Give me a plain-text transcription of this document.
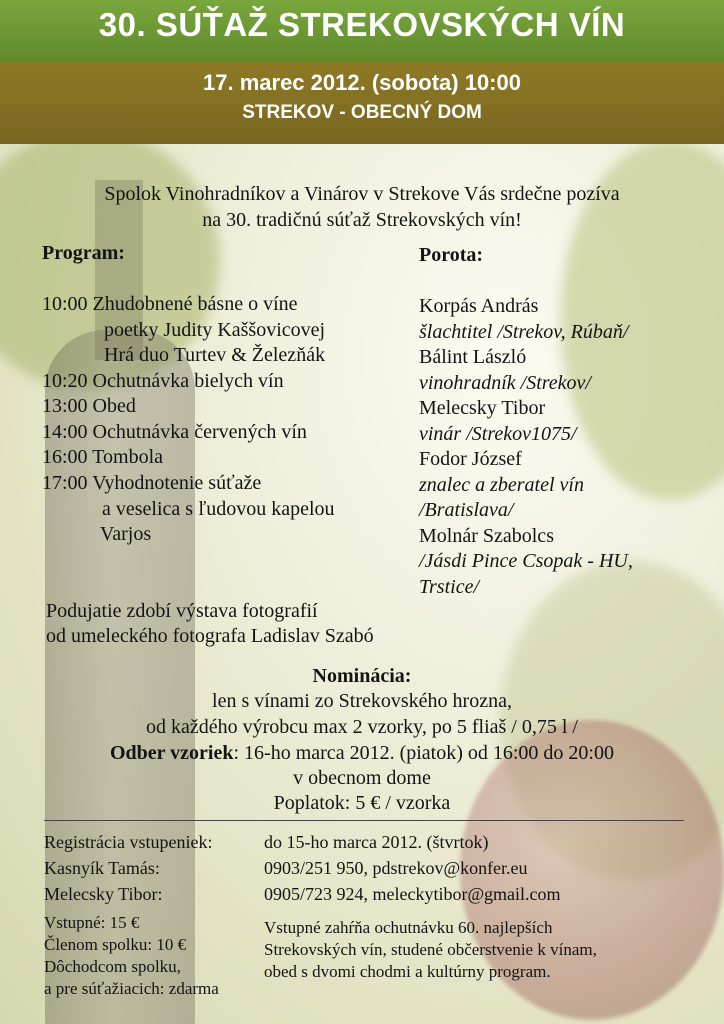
30. SÚŤAŽ STREKOVSKÝCH VÍN
17. marec 2012. (sobota) 10:00
STREKOV - OBECNÝ DOM
Spolok Vinohradníkov a Vinárov v Strekove Vás srdečne pozíva
na 30. tradičnú súťaž Strekovských vín!
Program:
10:00 Zhudobnené básne o víne
poetky Judity Kaššovicovej
Hrá duo Turtev & Železňák
10:20 Ochutnávka bielych vín
13:00 Obed
14:00 Ochutnávka červených vín
16:00 Tombola
17:00 Vyhodnotenie súťaže
a veselica s ľudovou kapelou
Varjos
Porota:
Korpás András
šlachtitel /Strekov, Rúbaň/
Bálint László
vinohradník /Strekov/
Melecsky Tibor
vinár /Strekov1075/
Fodor József
znalec a zberatel vín
/Bratislava/
Molnár Szabolcs
/Jásdi Pince Csopak - HU,
Trstice/
Podujatie zdobí výstava fotografií
od umeleckého fotografa Ladislav Szabó
Nominácia:
len s vínami zo Strekovského hrozna,
od každého výrobcu max 2 vzorky, po 5 fliaš / 0,75 l /
Odber vzoriek: 16-ho marca 2012. (piatok) od 16:00 do 20:00
v obecnom dome
Poplatok: 5 € / vzorka
Registrácia vstupeniek:	do 15-ho marca 2012. (štvrtok)
Kasnyík Tamás:	0903/251 950, pdstrekov@konfer.eu
Melecsky Tibor:	0905/723 924, meleckytibor@gmail.com
Vstupné: 15 €
Členom spolku: 10 €
Dôchodcom spolku,
a pre súťažiacich: zdarma
Vstupné zahŕňa ochutnávku 60. najlepších
Strekovských vín, studené občerstvenie k vínam,
obed s dvomi chodmi a kultúrny program.
